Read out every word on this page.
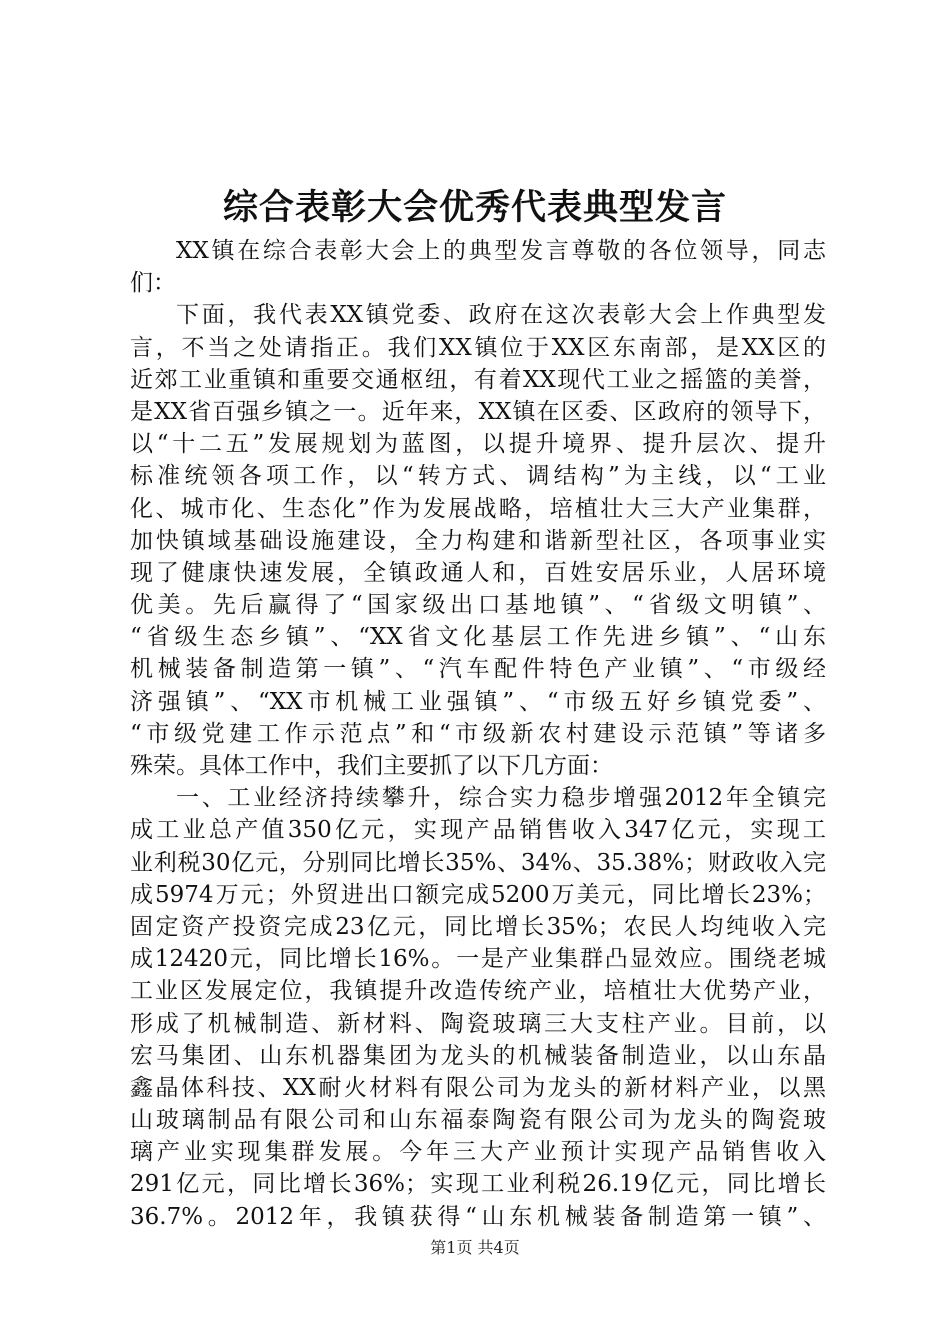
综合表彰大会优秀代表典型发言
XX镇在综合表彰大会上的典型发言尊敬的各位领导，同志
们：
下面，我代表XX镇党委、政府在这次表彰大会上作典型发
言，不当之处请指正。我们XX镇位于XX区东南部，是XX区的
近郊工业重镇和重要交通枢纽，有着XX现代工业之摇篮的美誉，
是XX省百强乡镇之一。近年来，XX镇在区委、区政府的领导下，
以“十二五”发展规划为蓝图，以提升境界、提升层次、提升
标准统领各项工作，以“转方式、调结构”为主线，以“工业
化、城市化、生态化”作为发展战略，培植壮大三大产业集群，
加快镇域基础设施建设，全力构建和谐新型社区，各项事业实
现了健康快速发展，全镇政通人和，百姓安居乐业，人居环境
优美。先后赢得了“国家级出口基地镇”、“省级文明镇”、
“省级生态乡镇”、“XX省文化基层工作先进乡镇”、“山东
机械装备制造第一镇”、“汽车配件特色产业镇”、“市级经
济强镇”、“XX市机械工业强镇”、“市级五好乡镇党委”、
“市级党建工作示范点”和“市级新农村建设示范镇”等诸多
殊荣。具体工作中，我们主要抓了以下几方面：
一、工业经济持续攀升，综合实力稳步增强2012年全镇完
成工业总产值350亿元，实现产品销售收入347亿元，实现工
业利税30亿元，分别同比增长35%、34%、35.38%；财政收入完
成5974万元；外贸进出口额完成5200万美元，同比增长23%；
固定资产投资完成23亿元，同比增长35%；农民人均纯收入完
成12420元，同比增长16%。一是产业集群凸显效应。围绕老城
工业区发展定位，我镇提升改造传统产业，培植壮大优势产业，
形成了机械制造、新材料、陶瓷玻璃三大支柱产业。目前，以
宏马集团、山东机器集团为龙头的机械装备制造业，以山东晶
鑫晶体科技、XX耐火材料有限公司为龙头的新材料产业，以黑
山玻璃制品有限公司和山东福泰陶瓷有限公司为龙头的陶瓷玻
璃产业实现集群发展。今年三大产业预计实现产品销售收入
291亿元，同比增长36%；实现工业利税26.19亿元，同比增长
36.7%。2012年，我镇获得“山东机械装备制造第一镇”、
第1页 共4页
